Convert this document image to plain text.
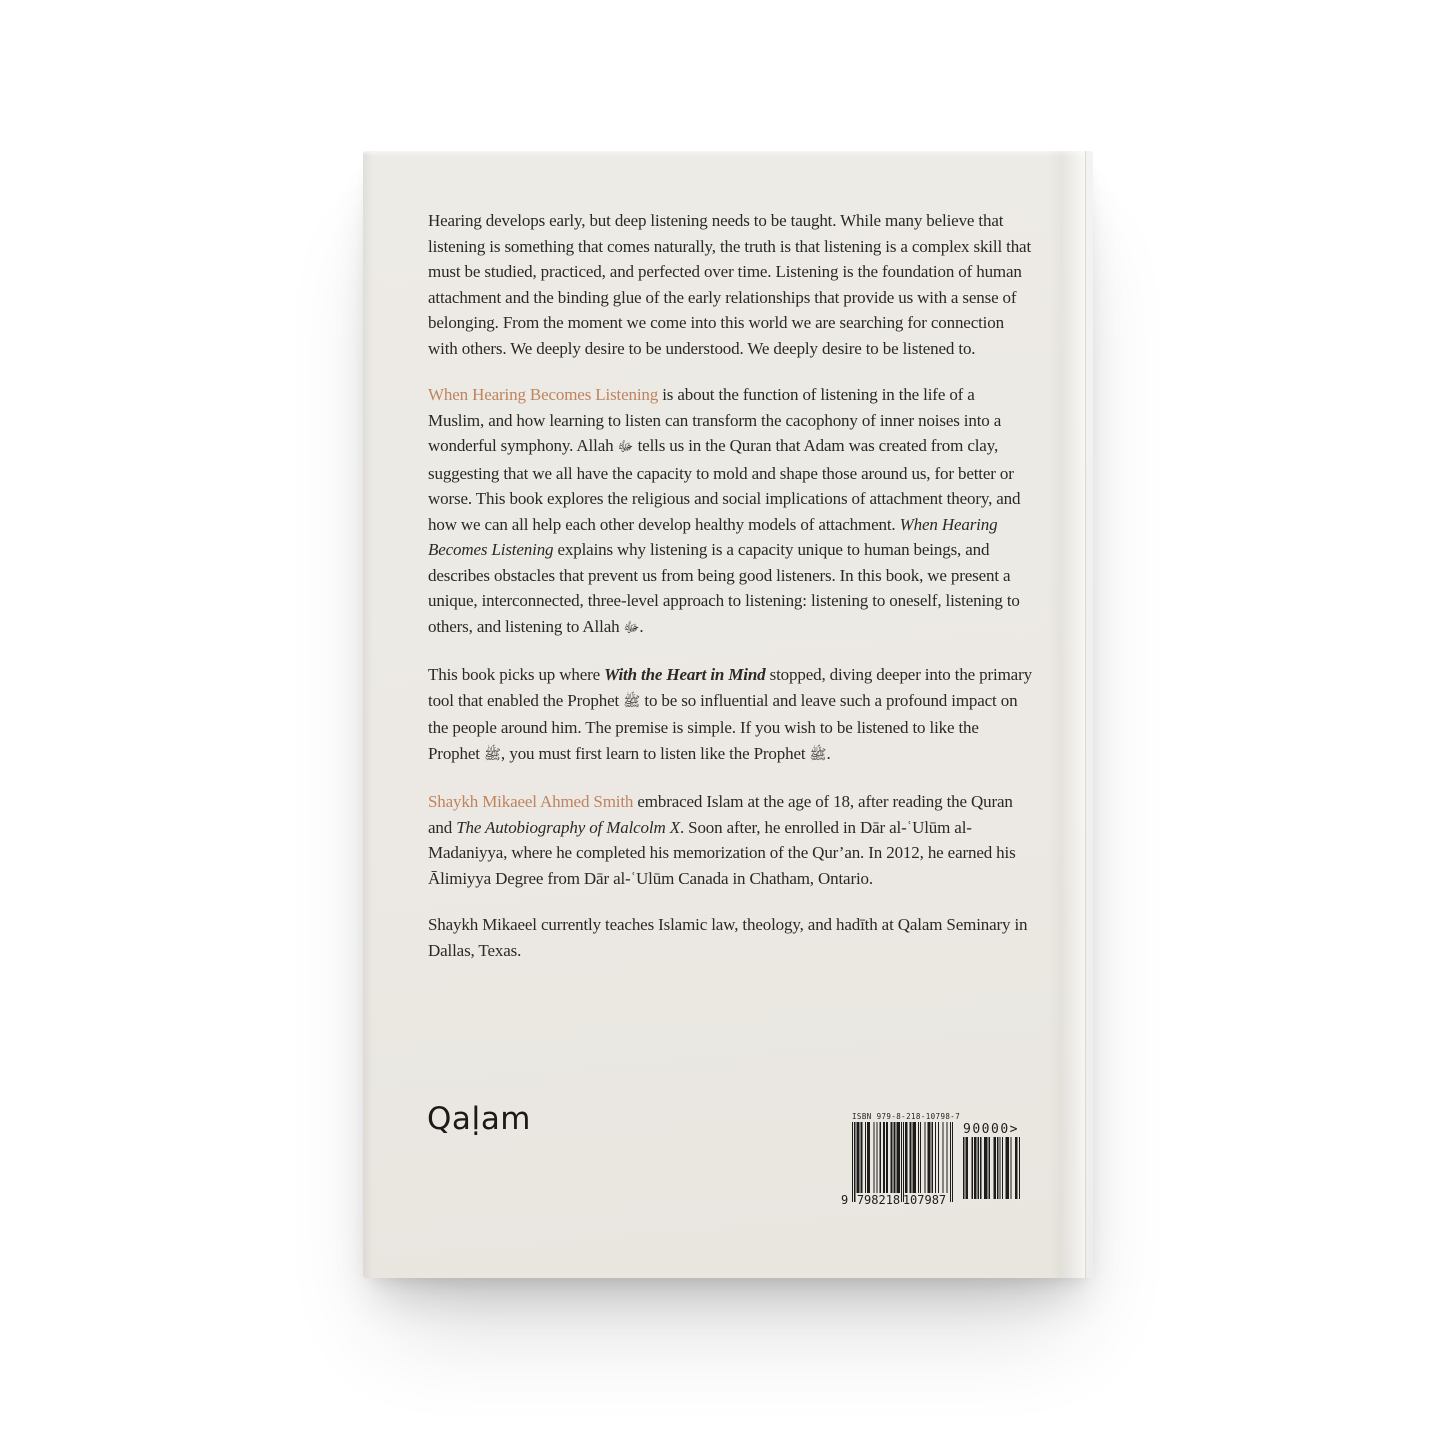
Hearing develops early, but deep listening needs to be taught. While many believe that listening is something that comes naturally, the truth is that listening is a complex skill that must be studied, practiced, and perfected over time. Listening is the foundation of human attachment and the binding glue of the early relationships that provide us with a sense of belonging. From the moment we come into this world we are searching for connection with others. We deeply desire to be understood. We deeply desire to be listened to.

When Hearing Becomes Listening is about the function of listening in the life of a Muslim, and how learning to listen can transform the cacophony of inner noises into a wonderful symphony. Allah ﷻ tells us in the Quran that Adam was created from clay, suggesting that we all have the capacity to mold and shape those around us, for better or worse. This book explores the religious and social implications of attachment theory, and how we can all help each other develop healthy models of attachment. When Hearing Becomes Listening explains why listening is a capacity unique to human beings, and describes obstacles that prevent us from being good listeners. In this book, we present a unique, interconnected, three-level approach to listening: listening to oneself, listening to others, and listening to Allah ﷻ.

This book picks up where With the Heart in Mind stopped, diving deeper into the primary tool that enabled the Prophet ﷺ to be so influential and leave such a profound impact on the people around him. The premise is simple. If you wish to be listened to like the Prophet ﷺ, you must first learn to listen like the Prophet ﷺ.

Shaykh Mikaeel Ahmed Smith embraced Islam at the age of 18, after reading the Quran and The Autobiography of Malcolm X. Soon after, he enrolled in Dār al-ʿUlūm al-Madaniyya, where he completed his memorization of the Qur’an. In 2012, he earned his Ālimiyya Degree from Dār al-ʿUlūm Canada in Chatham, Ontario.

Shaykh Mikaeel currently teaches Islamic law, theology, and hadīth at Qalam Seminary in Dallas, Texas.

Qaḷam	ISBN 979-8-218-10798-7
9 798218 107987
90000>
